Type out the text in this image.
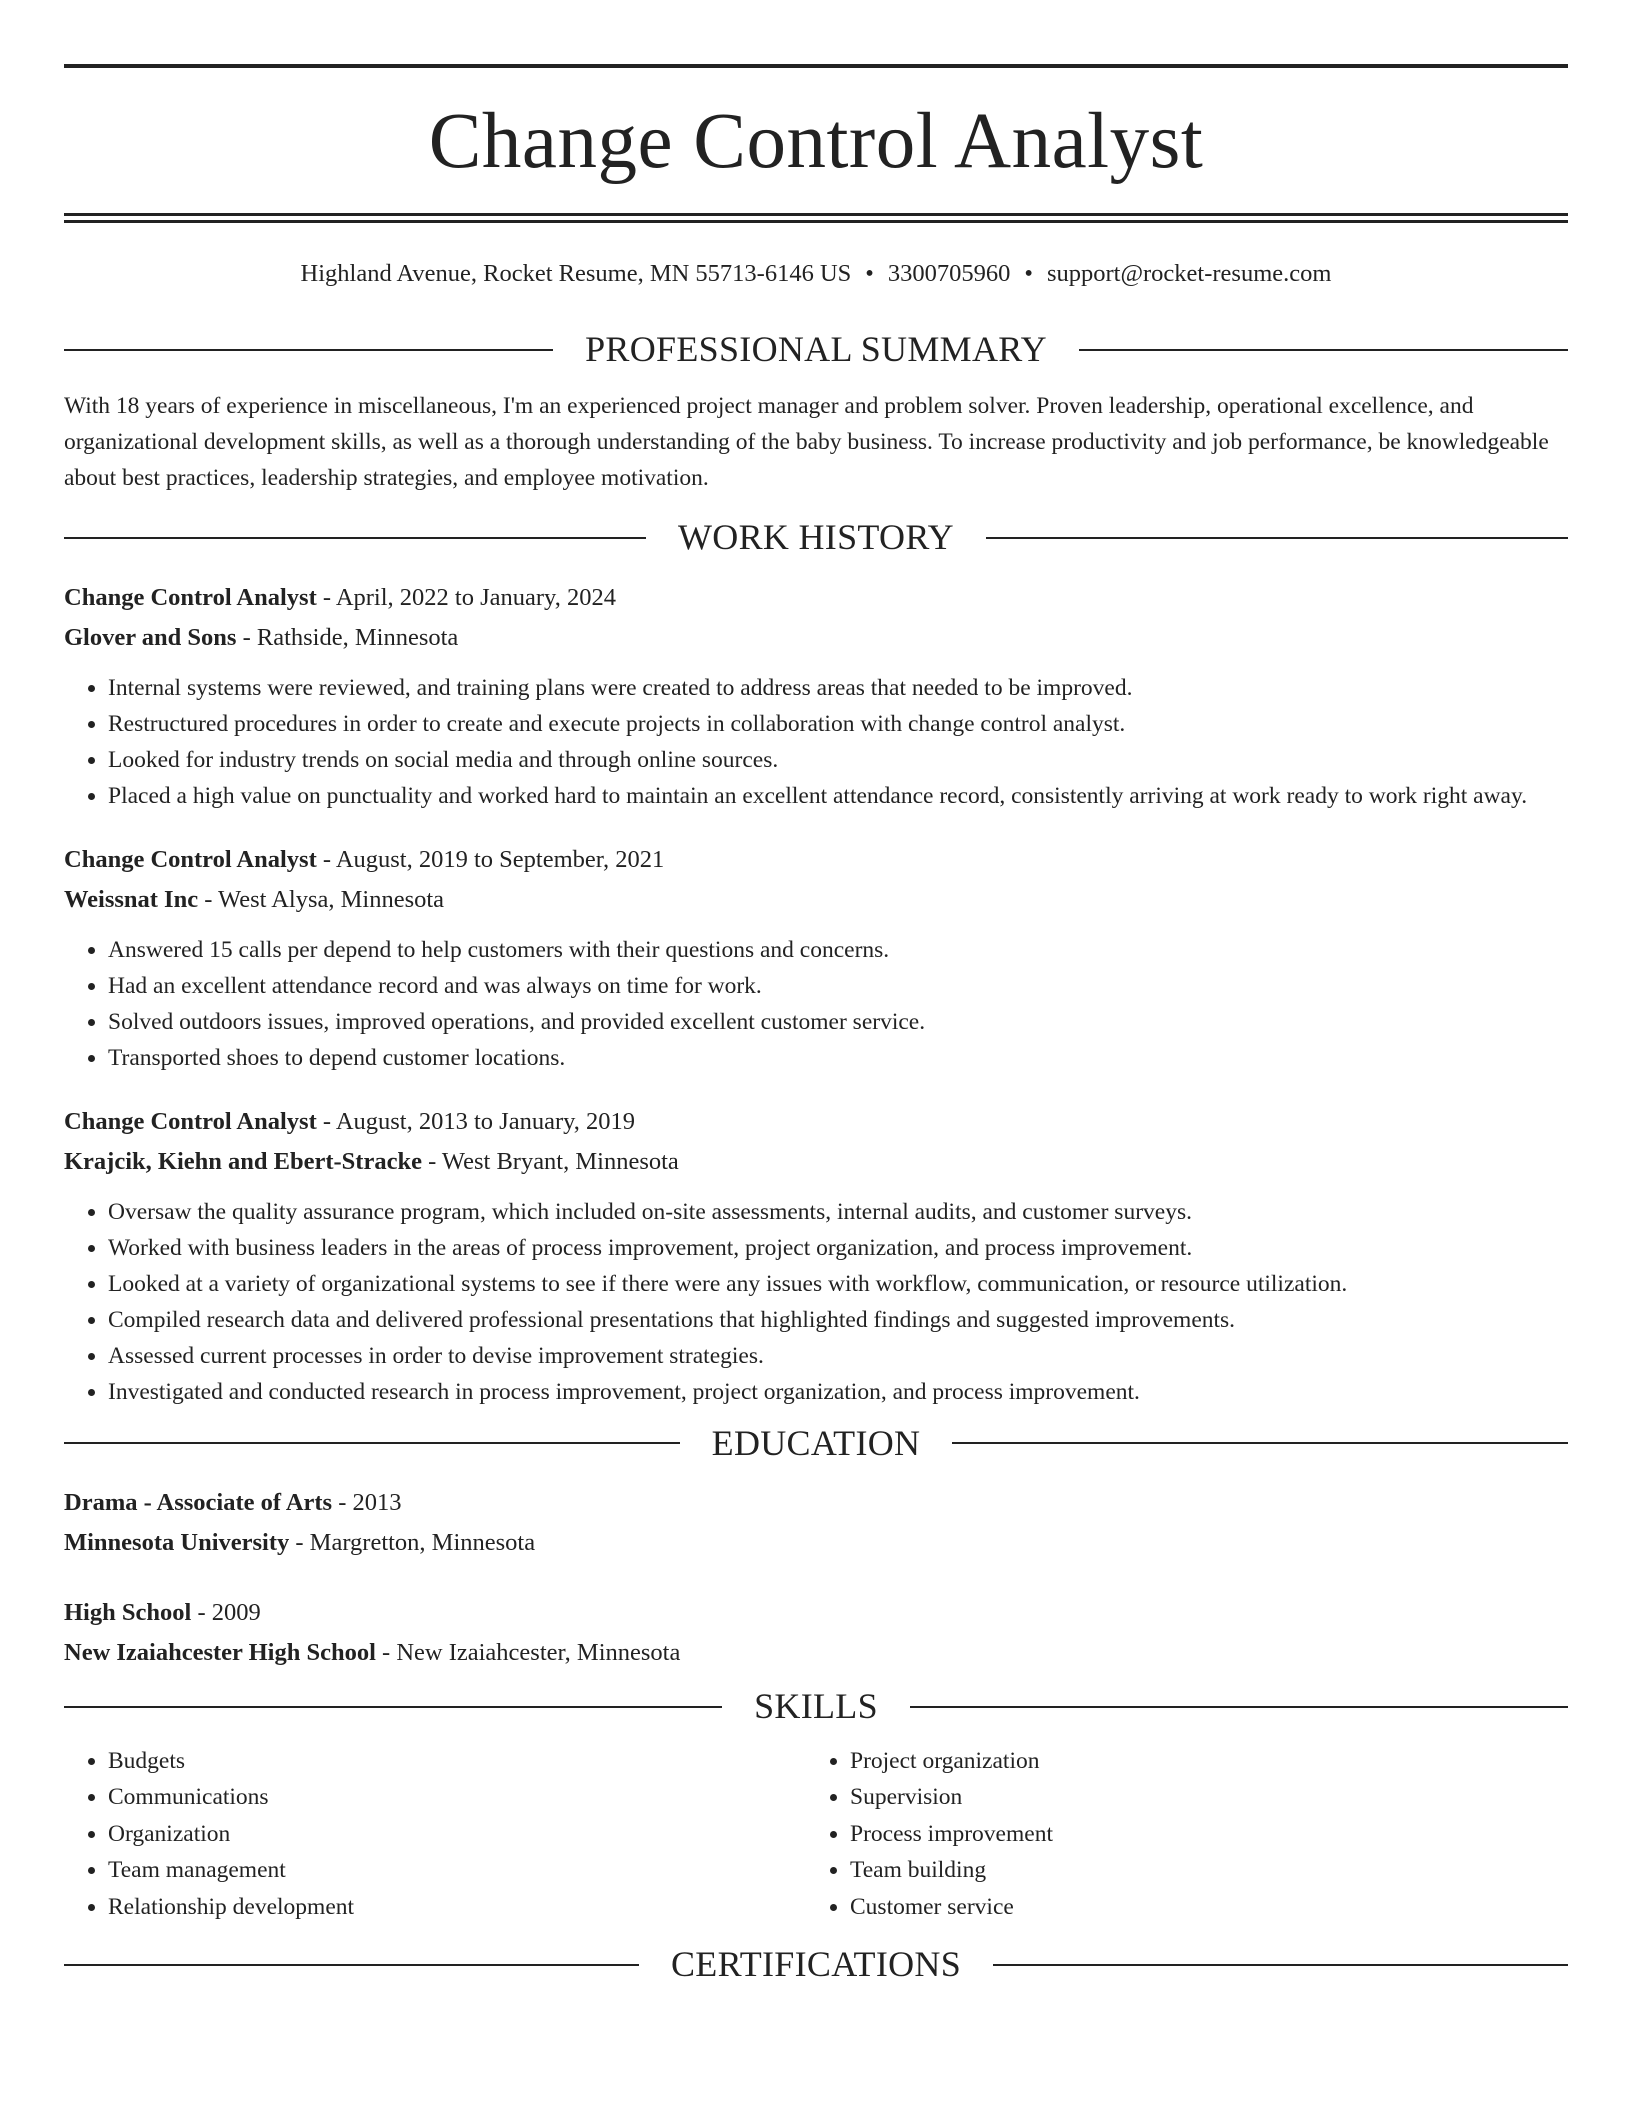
Change Control Analyst
Highland Avenue, Rocket Resume, MN 55713-6146 US • 3300705960 • support@rocket-resume.com
PROFESSIONAL SUMMARY
With 18 years of experience in miscellaneous, I'm an experienced project manager and problem solver. Proven leadership, operational excellence, and organizational development skills, as well as a thorough understanding of the baby business. To increase productivity and job performance, be knowledgeable about best practices, leadership strategies, and employee motivation.
WORK HISTORY
Change Control Analyst - April, 2022 to January, 2024
Glover and Sons - Rathside, Minnesota
• Internal systems were reviewed, and training plans were created to address areas that needed to be improved.
• Restructured procedures in order to create and execute projects in collaboration with change control analyst.
• Looked for industry trends on social media and through online sources.
• Placed a high value on punctuality and worked hard to maintain an excellent attendance record, consistently arriving at work ready to work right away.
Change Control Analyst - August, 2019 to September, 2021
Weissnat Inc - West Alysa, Minnesota
• Answered 15 calls per depend to help customers with their questions and concerns.
• Had an excellent attendance record and was always on time for work.
• Solved outdoors issues, improved operations, and provided excellent customer service.
• Transported shoes to depend customer locations.
Change Control Analyst - August, 2013 to January, 2019
Krajcik, Kiehn and Ebert-Stracke - West Bryant, Minnesota
• Oversaw the quality assurance program, which included on-site assessments, internal audits, and customer surveys.
• Worked with business leaders in the areas of process improvement, project organization, and process improvement.
• Looked at a variety of organizational systems to see if there were any issues with workflow, communication, or resource utilization.
• Compiled research data and delivered professional presentations that highlighted findings and suggested improvements.
• Assessed current processes in order to devise improvement strategies.
• Investigated and conducted research in process improvement, project organization, and process improvement.
EDUCATION
Drama - Associate of Arts - 2013
Minnesota University - Margretton, Minnesota
High School - 2009
New Izaiahcester High School - New Izaiahcester, Minnesota
SKILLS
• Budgets
• Communications
• Organization
• Team management
• Relationship development
• Project organization
• Supervision
• Process improvement
• Team building
• Customer service
CERTIFICATIONS
